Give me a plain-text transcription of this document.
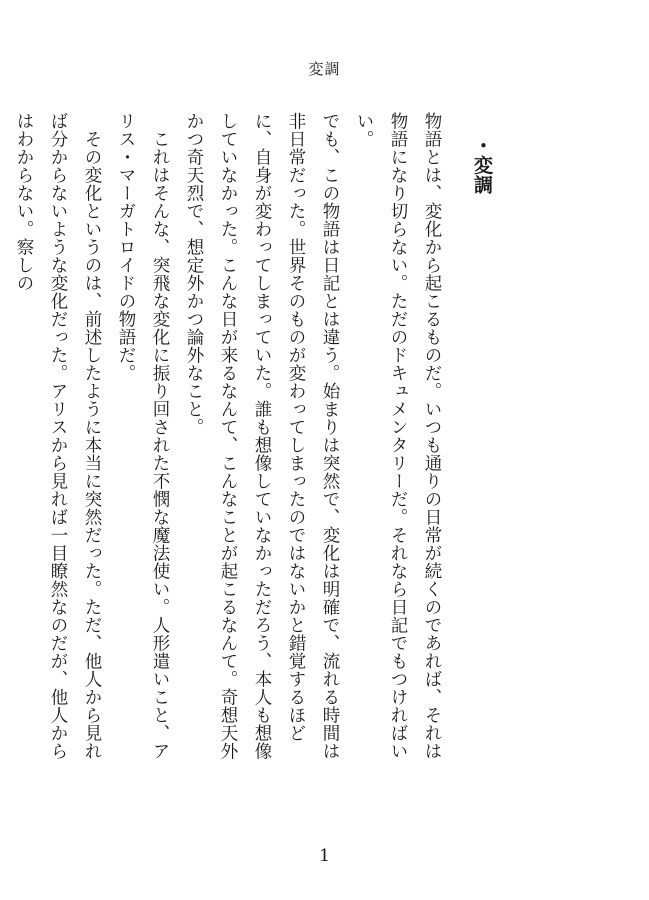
変調
・変調

物語とは、変化から起こるものだ。いつも通りの日常が続くのであれば、それは物語になり切らない。ただのドキュメンタリーだ。それなら日記でもつければいい。

でも、この物語は日記とは違う。始まりは突然で、変化は明確で、流れる時間は非日常だった。世界そのものが変わってしまったのではないかと錯覚するほどに、自身が変わってしまっていた。誰も想像していなかっただろう、本人も想像していなかった。こんな日が来るなんて、こんなことが起こるなんて。奇想天外かつ奇天烈で、想定外かつ論外なこと。

これはそんな、突飛な変化に振り回された不憫な魔法使い。人形遣いこと、アリス・マーガトロイドの物語だ。

その変化というのは、前述したように本当に突然だった。ただ、他人から見れば分からないような変化だった。アリスから見れば一目瞭然なのだが、他人からはわからない。察しの

1
